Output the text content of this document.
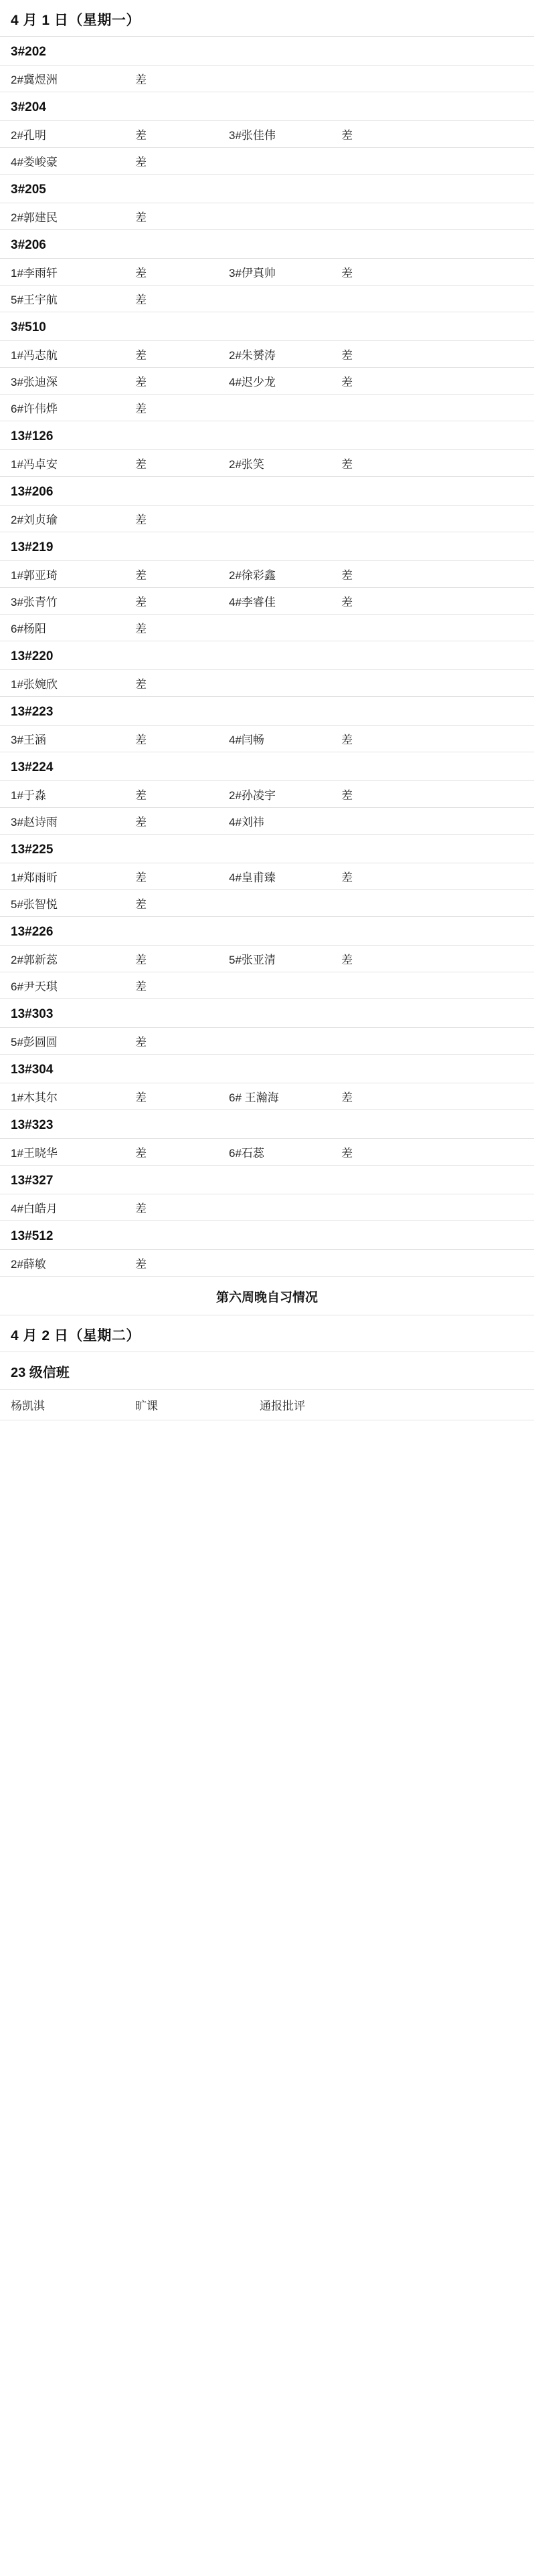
4 月 1 日（星期一）
3#202
2#冀煜洲	差
3#204
2#孔明	差	3#张佳伟	差
4#娄峻豪	差
3#205
2#郭建民	差
3#206
1#李雨轩	差	3#伊真帅	差
5#王宇航	差
3#510
1#冯志航	差	2#朱赟涛	差
3#张迪深	差	4#迟少龙	差
6#许伟烨	差
13#126
1#冯卓安	差	2#张笑	差
13#206
2#刘贞瑜	差
13#219
1#郭亚琦	差	2#徐彩鑫	差
3#张青竹	差	4#李睿佳	差
6#杨阳	差
13#220
1#张婉欣	差
13#223
3#王涵	差	4#闫畅	差
13#224
1#于淼	差	2#孙凌宇	差
3#赵诗雨	差	4#刘祎
13#225
1#郑雨昕	差	4#皇甫臻	差
5#张智悦	差
13#226
2#郭新蕊	差	5#张亚清	差
6#尹天琪	差
13#303
5#彭圆圆	差
13#304
1#木其尔	差	6# 王瀚海	差
13#323
1#王晓华	差	6#石蕊	差
13#327
4#白皓月	差
13#512
2#薛敏	差
第六周晚自习情况
4 月 2 日（星期二）
23 级信班
杨凯淇	旷课	通报批评
